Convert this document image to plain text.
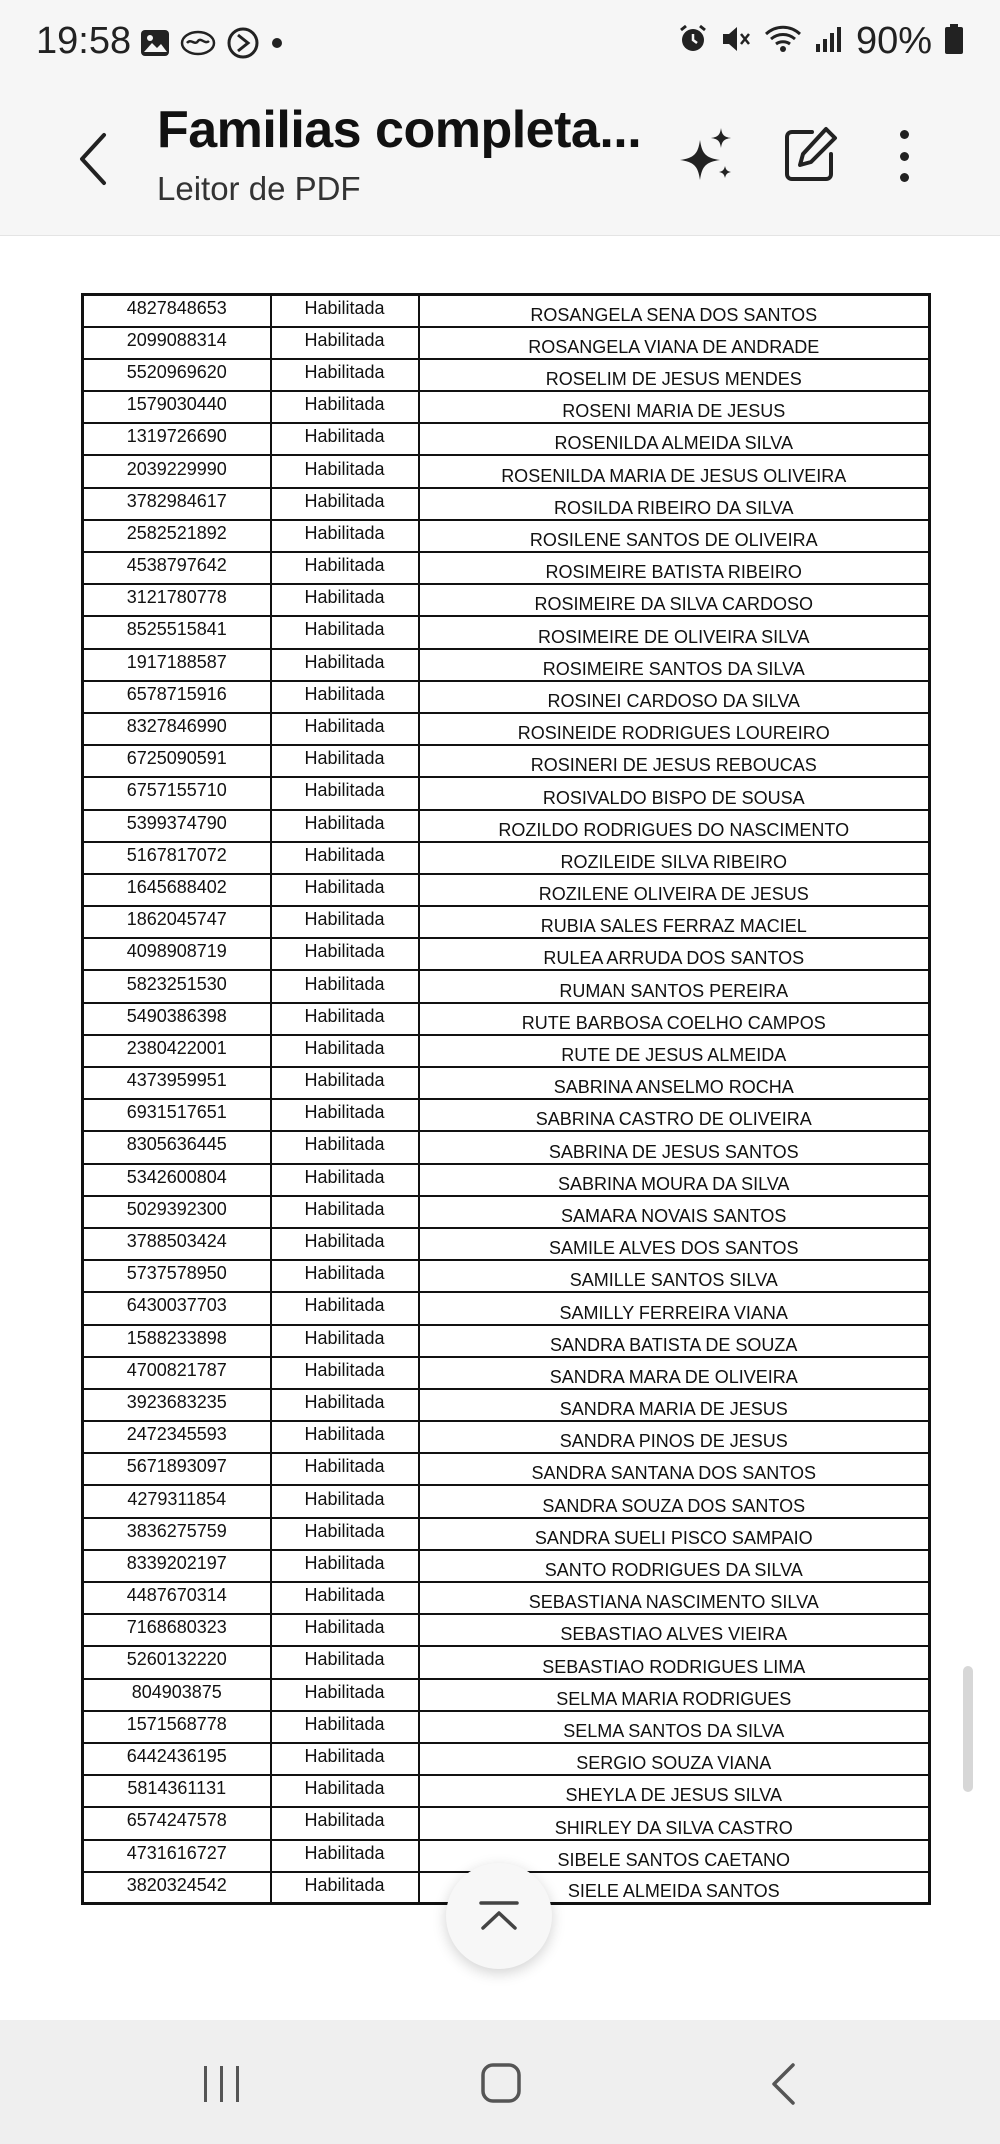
19:58	90%
Familias completa...
Leitor de PDF
4827848653	Habilitada	ROSANGELA SENA DOS SANTOS
2099088314	Habilitada	ROSANGELA VIANA DE ANDRADE
5520969620	Habilitada	ROSELIM DE JESUS MENDES
1579030440	Habilitada	ROSENI MARIA DE JESUS
1319726690	Habilitada	ROSENILDA ALMEIDA SILVA
2039229990	Habilitada	ROSENILDA MARIA DE JESUS OLIVEIRA
3782984617	Habilitada	ROSILDA RIBEIRO DA SILVA
2582521892	Habilitada	ROSILENE SANTOS DE OLIVEIRA
4538797642	Habilitada	ROSIMEIRE BATISTA RIBEIRO
3121780778	Habilitada	ROSIMEIRE DA SILVA CARDOSO
8525515841	Habilitada	ROSIMEIRE DE OLIVEIRA SILVA
1917188587	Habilitada	ROSIMEIRE SANTOS DA SILVA
6578715916	Habilitada	ROSINEI CARDOSO DA SILVA
8327846990	Habilitada	ROSINEIDE RODRIGUES LOUREIRO
6725090591	Habilitada	ROSINERI DE JESUS REBOUCAS
6757155710	Habilitada	ROSIVALDO BISPO DE SOUSA
5399374790	Habilitada	ROZILDO RODRIGUES DO NASCIMENTO
5167817072	Habilitada	ROZILEIDE SILVA RIBEIRO
1645688402	Habilitada	ROZILENE OLIVEIRA DE JESUS
1862045747	Habilitada	RUBIA SALES FERRAZ MACIEL
4098908719	Habilitada	RULEA ARRUDA DOS SANTOS
5823251530	Habilitada	RUMAN SANTOS PEREIRA
5490386398	Habilitada	RUTE BARBOSA COELHO CAMPOS
2380422001	Habilitada	RUTE DE JESUS ALMEIDA
4373959951	Habilitada	SABRINA ANSELMO ROCHA
6931517651	Habilitada	SABRINA CASTRO DE OLIVEIRA
8305636445	Habilitada	SABRINA DE JESUS SANTOS
5342600804	Habilitada	SABRINA MOURA DA SILVA
5029392300	Habilitada	SAMARA NOVAIS SANTOS
3788503424	Habilitada	SAMILE ALVES DOS SANTOS
5737578950	Habilitada	SAMILLE SANTOS SILVA
6430037703	Habilitada	SAMILLY FERREIRA VIANA
1588233898	Habilitada	SANDRA BATISTA DE SOUZA
4700821787	Habilitada	SANDRA MARA DE OLIVEIRA
3923683235	Habilitada	SANDRA MARIA DE JESUS
2472345593	Habilitada	SANDRA PINOS DE JESUS
5671893097	Habilitada	SANDRA SANTANA DOS SANTOS
4279311854	Habilitada	SANDRA SOUZA DOS SANTOS
3836275759	Habilitada	SANDRA SUELI PISCO SAMPAIO
8339202197	Habilitada	SANTO RODRIGUES DA SILVA
4487670314	Habilitada	SEBASTIANA NASCIMENTO SILVA
7168680323	Habilitada	SEBASTIAO ALVES VIEIRA
5260132220	Habilitada	SEBASTIAO RODRIGUES LIMA
804903875	Habilitada	SELMA MARIA RODRIGUES
1571568778	Habilitada	SELMA SANTOS DA SILVA
6442436195	Habilitada	SERGIO SOUZA VIANA
5814361131	Habilitada	SHEYLA DE JESUS SILVA
6574247578	Habilitada	SHIRLEY DA SILVA CASTRO
4731616727	Habilitada	SIBELE SANTOS CAETANO
3820324542	Habilitada	SIELE ALMEIDA SANTOS
